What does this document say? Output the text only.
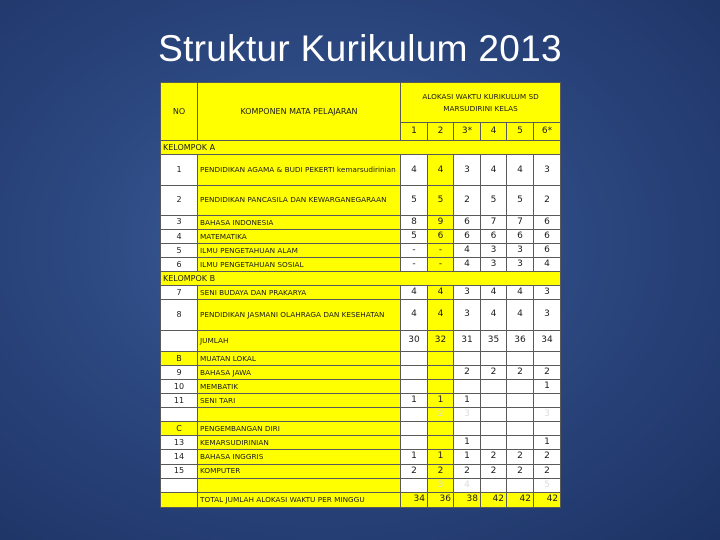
Struktur Kurikulum 2013
NO	KOMPONEN MATA PELAJARAN	ALOKASI WAKTU KURIKULUM SD MARSUDIRINI KELAS					
		1	2	3*	4	5	6*
KELOMPOK A							
1	PENDIDIKAN AGAMA & BUDI PEKERTI kemarsudirinian	4	4	3	4	4	3
2	PENDIDIKAN PANCASILA DAN KEWARGANEGARAAN	5	5	2	5	5	2
3	BAHASA INDONESIA	8	9	6	7	7	6
4	MATEMATIKA	5	6	6	6	6	6
5	ILMU PENGETAHUAN ALAM	-	-	4	3	3	6
6	ILMU PENGETAHUAN SOSIAL	-	-	4	3	3	4
KELOMPOK B							
7	SENI BUDAYA DAN PRAKARYA	4	4	3	4	4	3
8	PENDIDIKAN JASMANI OLAHRAGA DAN KESEHATAN	4	4	3	4	4	3
	JUMLAH	30	32	31	35	36	34
B	MUATAN LOKAL						
9	BAHASA JAWA			2	2	2	2
10	MEMBATIK						1
11	SENI TARI	1	1	1			
			2	3			3
C	PENGEMBANGAN DIRI						
13	KEMARSUDIRINIAN			1			1
14	BAHASA INGGRIS	1	1	1	2	2	2
15	KOMPUTER	2	2	2	2	2	2
			3	4			5
	TOTAL JUMLAH ALOKASI WAKTU PER MINGGU	34	36	38	42	42	42
